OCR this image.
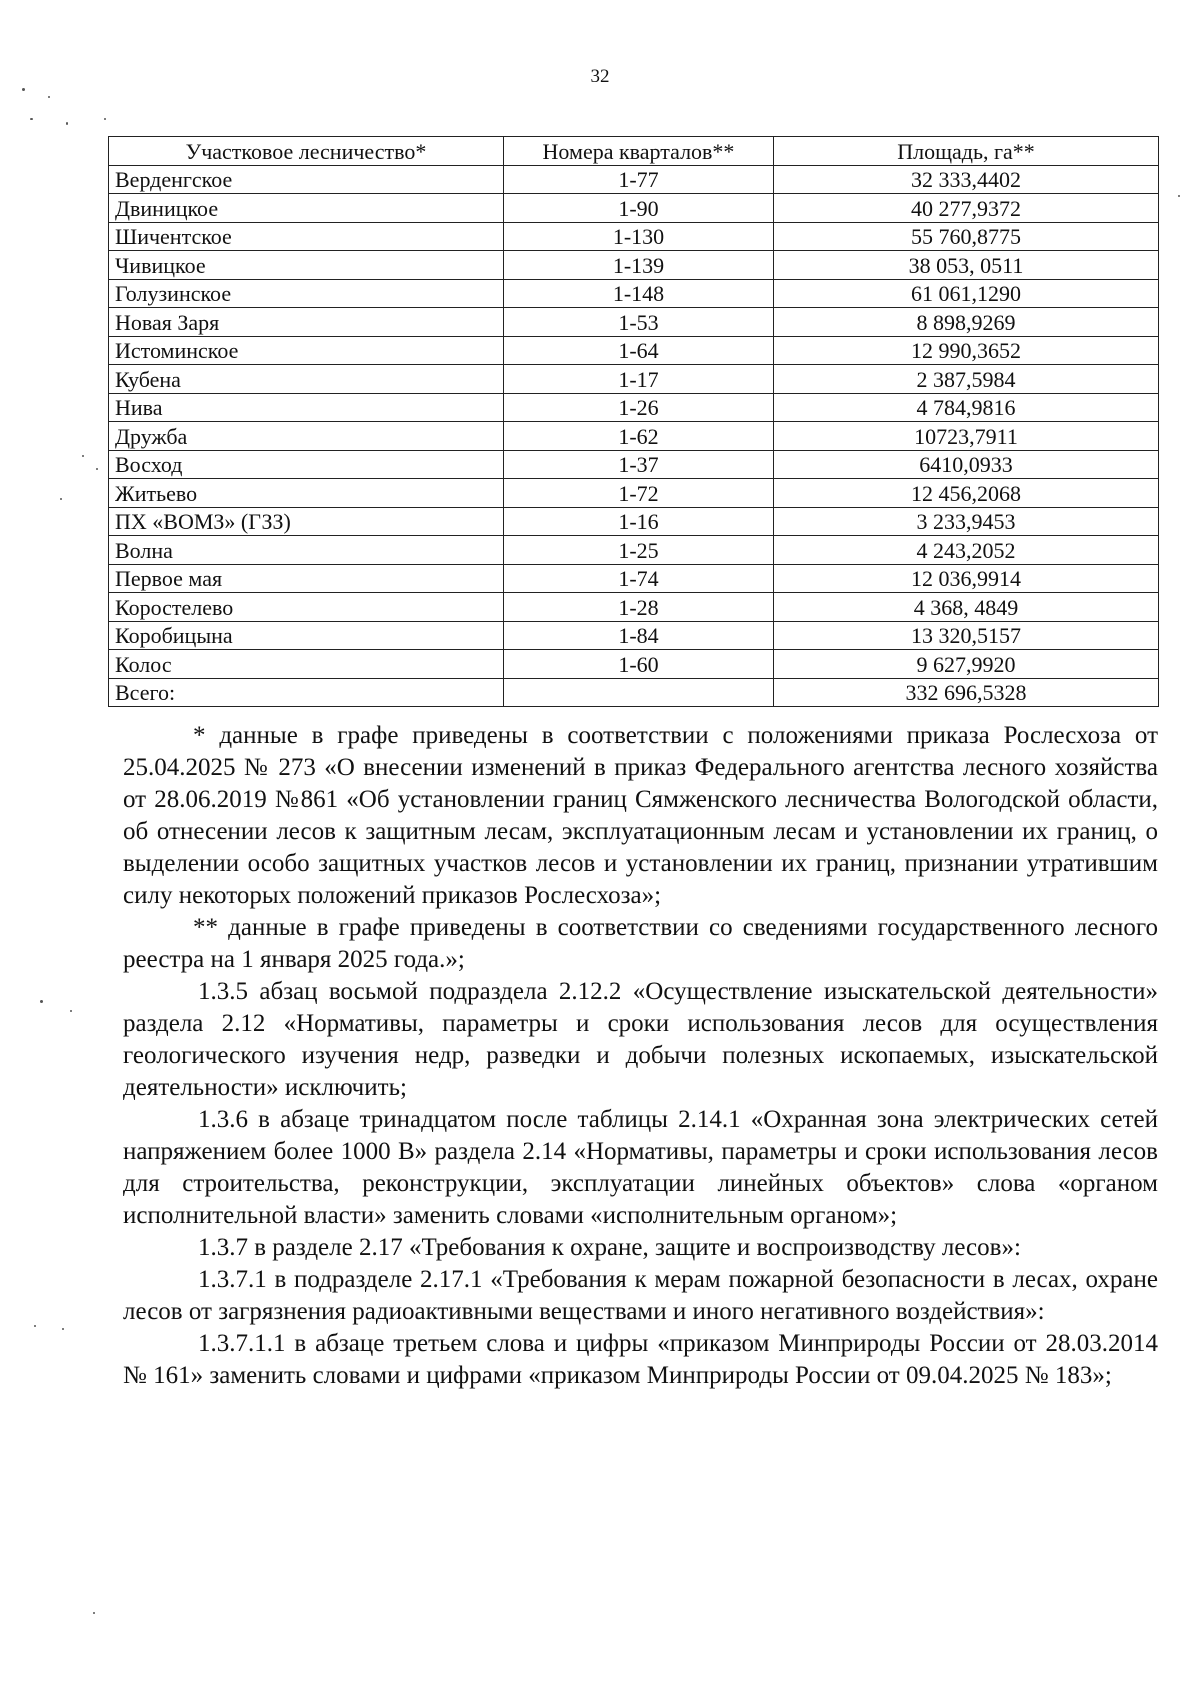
32
Участковое лесничество*	Номера кварталов**	Площадь, га**
Верденгское	1-77	32 333,4402
Двиницкое	1-90	40 277,9372
Шичентское	1-130	55 760,8775
Чивицкое	1-139	38 053, 0511
Голузинское	1-148	61 061,1290
Новая Заря	1-53	8 898,9269
Истоминское	1-64	12 990,3652
Кубена	1-17	2 387,5984
Нива	1-26	4 784,9816
Дружба	1-62	10723,7911
Восход	1-37	6410,0933
Житьево	1-72	12 456,2068
ПХ «ВОМЗ» (ГЗЗ)	1-16	3 233,9453
Волна	1-25	4 243,2052
Первое мая	1-74	12 036,9914
Коростелево	1-28	4 368, 4849
Коробицына	1-84	13 320,5157
Колос	1-60	9 627,9920
Всего:		332 696,5328

* данные в графе приведены в соответствии с положениями приказа Рослесхоза от 25.04.2025 № 273 «О внесении изменений в приказ Федерального агентства лесного хозяйства от 28.06.2019 №861 «Об установлении границ Сямженского лесничества Вологодской области, об отнесении лесов к защитным лесам, эксплуатационным лесам и установлении их границ, о выделении особо защитных участков лесов и установлении их границ, признании утратившим силу некоторых положений приказов Рослесхоза»;

** данные в графе приведены в соответствии со сведениями государственного лесного реестра на 1 января 2025 года.»;

1.3.5 абзац восьмой подраздела 2.12.2 «Осуществление изыскательской деятельности» раздела 2.12 «Нормативы, параметры и сроки использования лесов для осуществления геологического изучения недр, разведки и добычи полезных ископаемых, изыскательской деятельности» исключить;

1.3.6 в абзаце тринадцатом после таблицы 2.14.1 «Охранная зона электрических сетей напряжением более 1000 В» раздела 2.14 «Нормативы, параметры и сроки использования лесов для строительства, реконструкции, эксплуатации линейных объектов» слова «органом исполнительной власти» заменить словами «исполнительным органом»;

1.3.7 в разделе 2.17 «Требования к охране, защите и воспроизводству лесов»:

1.3.7.1 в подразделе 2.17.1 «Требования к мерам пожарной безопасности в лесах, охране лесов от загрязнения радиоактивными веществами и иного негативного воздействия»:

1.3.7.1.1 в абзаце третьем слова и цифры «приказом Минприроды России от 28.03.2014 № 161» заменить словами и цифрами «приказом Минприроды России от 09.04.2025 № 183»;
